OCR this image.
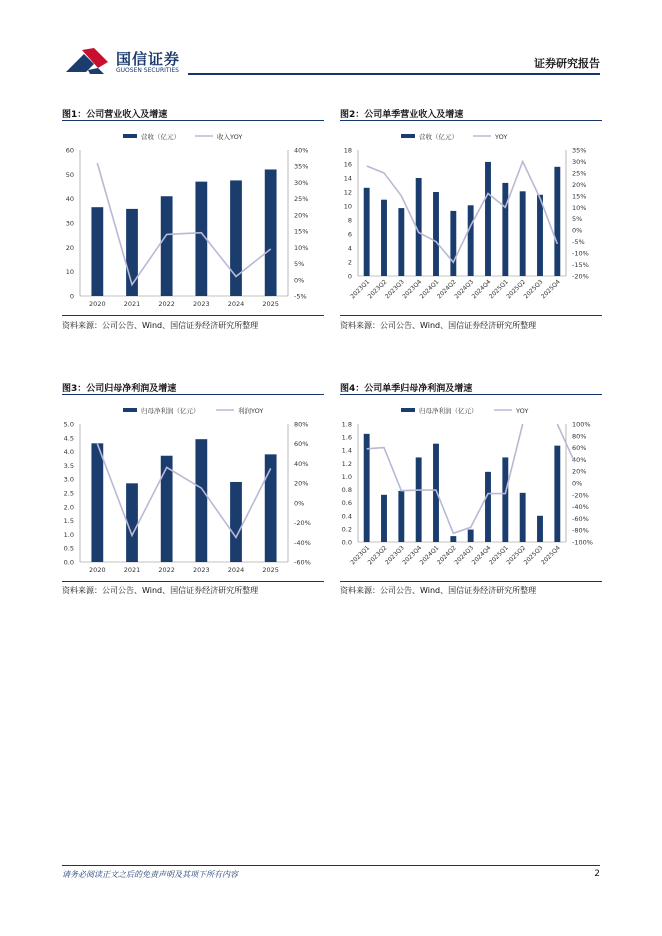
国信证券
GUOSEN SECURITIES
证券研究报告
图1：公司营业收入及增速
营收（亿元）	收入YOY
0
10
20
30
40
50
60
-5%
0%
5%
10%
15%
20%
25%
30%
35%
40%
2020	2021	2022	2023	2024	2025
资料来源：公司公告、Wind、国信证券经济研究所整理
图2：公司单季营业收入及增速
营收（亿元）	YOY
0
2
4
6
8
10
12
14
16
18
-20%
-15%
-10%
-5%
0%
5%
10%
15%
20%
25%
30%
35%
2023Q1
2023Q2
2023Q3
2023Q4
2024Q1
2024Q2
2024Q3
2024Q4
2025Q1
2025Q2
2025Q3
2025Q4
资料来源：公司公告、Wind、国信证券经济研究所整理
图3：公司归母净利润及增速
归母净利润（亿元）	利润YOY
0.0
0.5
1.0
1.5
2.0
2.5
3.0
3.5
4.0
4.5
5.0
-60%
-40%
-20%
0%
20%
40%
60%
80%
2020	2021	2022	2023	2024	2025
资料来源：公司公告、Wind、国信证券经济研究所整理
图4：公司单季归母净利润及增速
归母净利润（亿元）	YOY
0.0
0.2
0.4
0.6
0.8
1.0
1.2
1.4
1.6
1.8
-100%
-80%
-60%
-40%
-20%
0%
20%
40%
60%
80%
100%
2023Q1
2023Q2
2023Q3
2023Q4
2024Q1
2024Q2
2024Q3
2024Q4
2025Q1
2025Q2
2025Q3
2025Q4
资料来源：公司公告、Wind、国信证券经济研究所整理
请务必阅读正文之后的免责声明及其项下所有内容	2
